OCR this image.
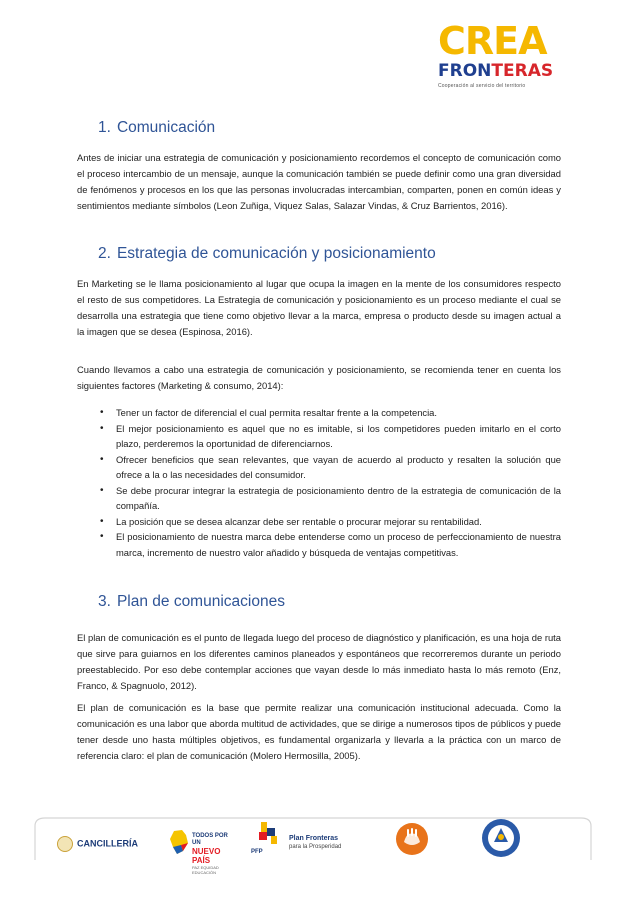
CREA
FRONTERAS
Cooperación al servicio del territorio
1. Comunicación

Antes de iniciar una estrategia de comunicación y posicionamiento recordemos el concepto de comunicación como el proceso intercambio de un mensaje, aunque la comunicación también se puede definir como una gran diversidad de fenómenos y procesos en los que las personas involucradas intercambian, comparten, ponen en común ideas y sentimientos mediante símbolos (Leon Zuñiga, Viquez Salas, Salazar Vindas, & Cruz Barrientos, 2016).

2. Estrategia de comunicación y posicionamiento

En Marketing se le llama posicionamiento al lugar que ocupa la imagen en la mente de los consumidores respecto el resto de sus competidores. La Estrategia de comunicación y posicionamiento es un proceso mediante el cual se desarrolla una estrategia que tiene como objetivo llevar a la marca, empresa o producto desde su imagen actual a la imagen que se desea (Espinosa, 2016).

Cuando llevamos a cabo una estrategia de comunicación y posicionamiento, se recomienda tener en cuenta los siguientes factores (Marketing & consumo, 2014):

• Tener un factor de diferencial el cual permita resaltar frente a la competencia.
• El mejor posicionamiento es aquel que no es imitable, si los competidores pueden imitarlo en el corto plazo, perderemos la oportunidad de diferenciarnos.
• Ofrecer beneficios que sean relevantes, que vayan de acuerdo al producto y resalten la solución que ofrece a la o las necesidades del consumidor.
• Se debe procurar integrar la estrategia de posicionamiento dentro de la estrategia de comunicación de la compañía.
• La posición que se desea alcanzar debe ser rentable o procurar mejorar su rentabilidad.
• El posicionamiento de nuestra marca debe entenderse como un proceso de perfeccionamiento de nuestra marca, incremento de nuestro valor añadido y búsqueda de ventajas competitivas.
3. Plan de comunicaciones

El plan de comunicación es el punto de llegada luego del proceso de diagnóstico y planificación, es una hoja de ruta que sirve para guiarnos en los diferentes caminos planeados y espontáneos que recorreremos durante un periodo preestablecido. Por eso debe contemplar acciones que vayan desde lo más inmediato hasta lo más remoto (Enz, Franco, & Spagnuolo, 2012).

El plan de comunicación es la base que permite realizar una comunicación institucional adecuada. Como la comunicación es una labor que aborda multitud de actividades, que se dirige a numerosos tipos de públicos y puede tener desde uno hasta múltiples objetivos, es fundamental organizarla y llevarla a la práctica con un marco de referencia claro: el plan de comunicación (Molero Hermosilla, 2005).

CANCILLERÍA
TODOS POR UN
NUEVO PAÍS
PAZ EQUIDAD EDUCACIÓN
PFP
Plan Fronteras
para la Prosperidad
